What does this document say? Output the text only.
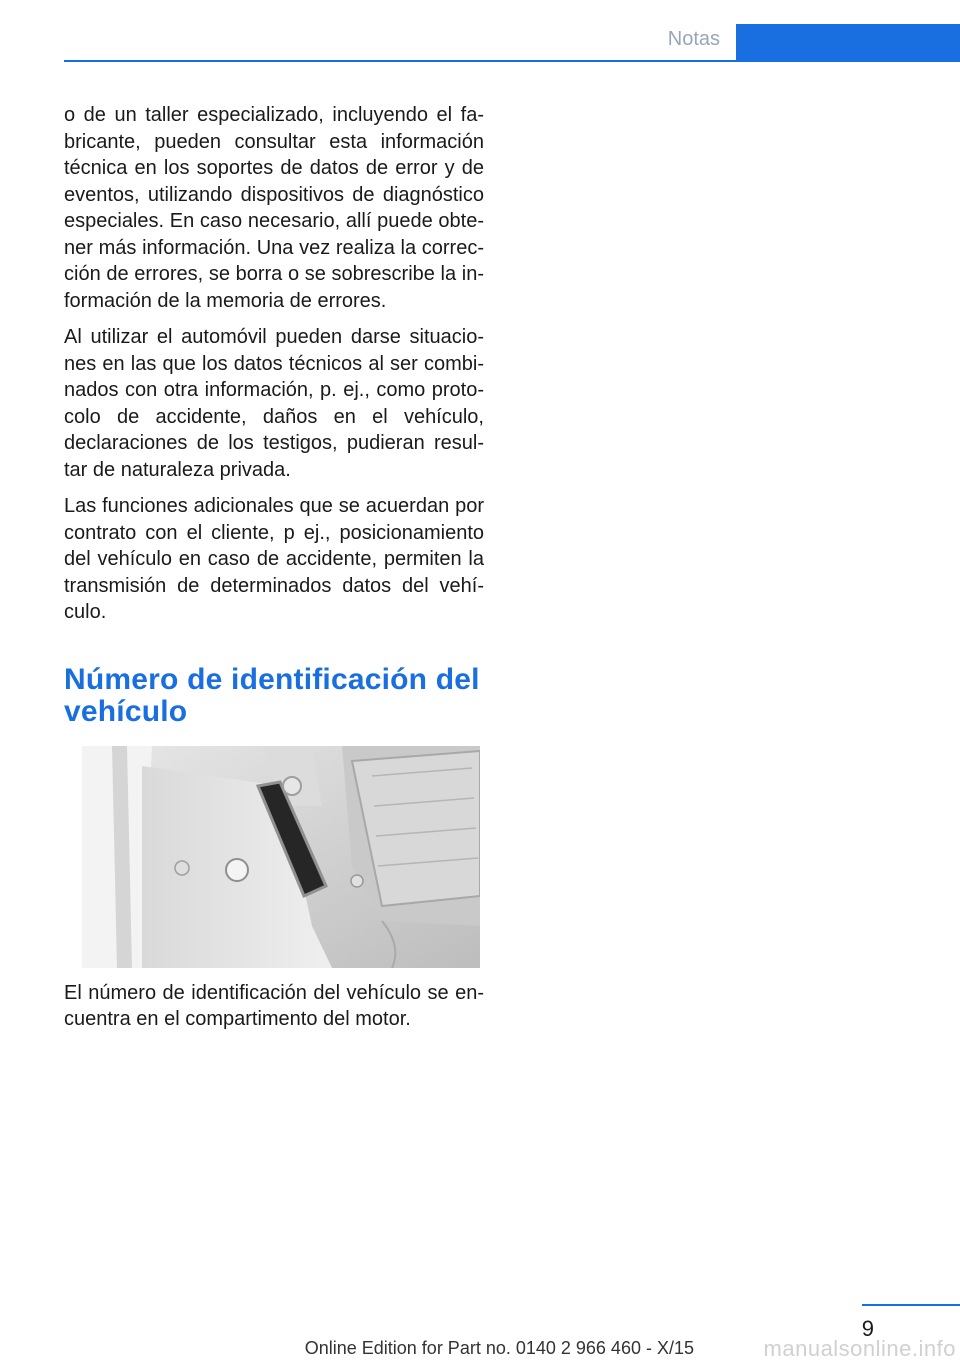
Notas

o de un taller especializado, incluyendo el fa‑ bricante, pueden consultar esta información técnica en los soportes de datos de error y de eventos, utilizando dispositivos de diagnóstico especiales. En caso necesario, allí puede obte‑ ner más información. Una vez realiza la correc‑ ción de errores, se borra o se sobrescribe la in‑ formación de la memoria de errores.

Al utilizar el automóvil pueden darse situacio‑ nes en las que los datos técnicos al ser combi‑ nados con otra información, p. ej., como proto‑ colo de accidente, daños en el vehículo, declaraciones de los testigos, pudieran resul‑ tar de naturaleza privada.

Las funciones adicionales que se acuerdan por contrato con el cliente, p ej., posicionamiento del vehículo en caso de accidente, permiten la transmisión de determinados datos del vehí‑ culo.

Número de identificación del vehículo

El número de identificación del vehículo se en‑ cuentra en el compartimento del motor.

9
Online Edition for Part no. 0140 2 966 460 - X/15	manualsonline.info
